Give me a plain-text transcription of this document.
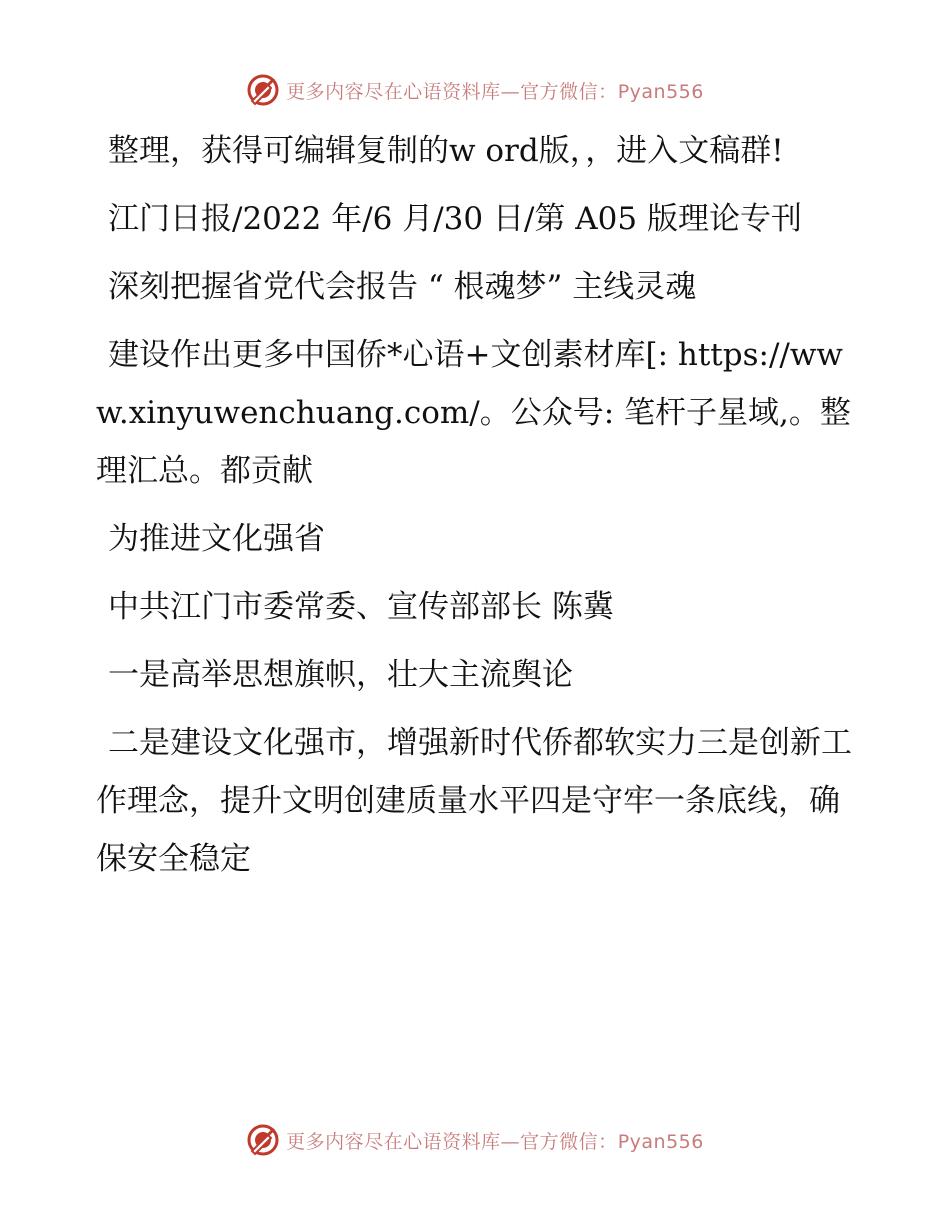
更多内容尽在心语资料库—官方微信：Pyan556

整理，获得可编辑复制的w ord版，，进入文稿群!

江门日报/2022 年/6 月/30 日/第 A05 版理论专刊

深刻把握省党代会报告 “ 根魂梦” 主线灵魂

建设作出更多中国侨*心语+文创素材库[: https://www.xinyuwenchuang.com/。公众号: 笔杆子星域,。整理汇总。都贡献

为推进文化强省

中共江门市委常委、宣传部部长 陈冀

一是高举思想旗帜，壮大主流舆论

二是建设文化强市，增强新时代侨都软实力三是创新工作理念，提升文明创建质量水平四是守牢一条底线，确保安全稳定

更多内容尽在心语资料库—官方微信：Pyan556
